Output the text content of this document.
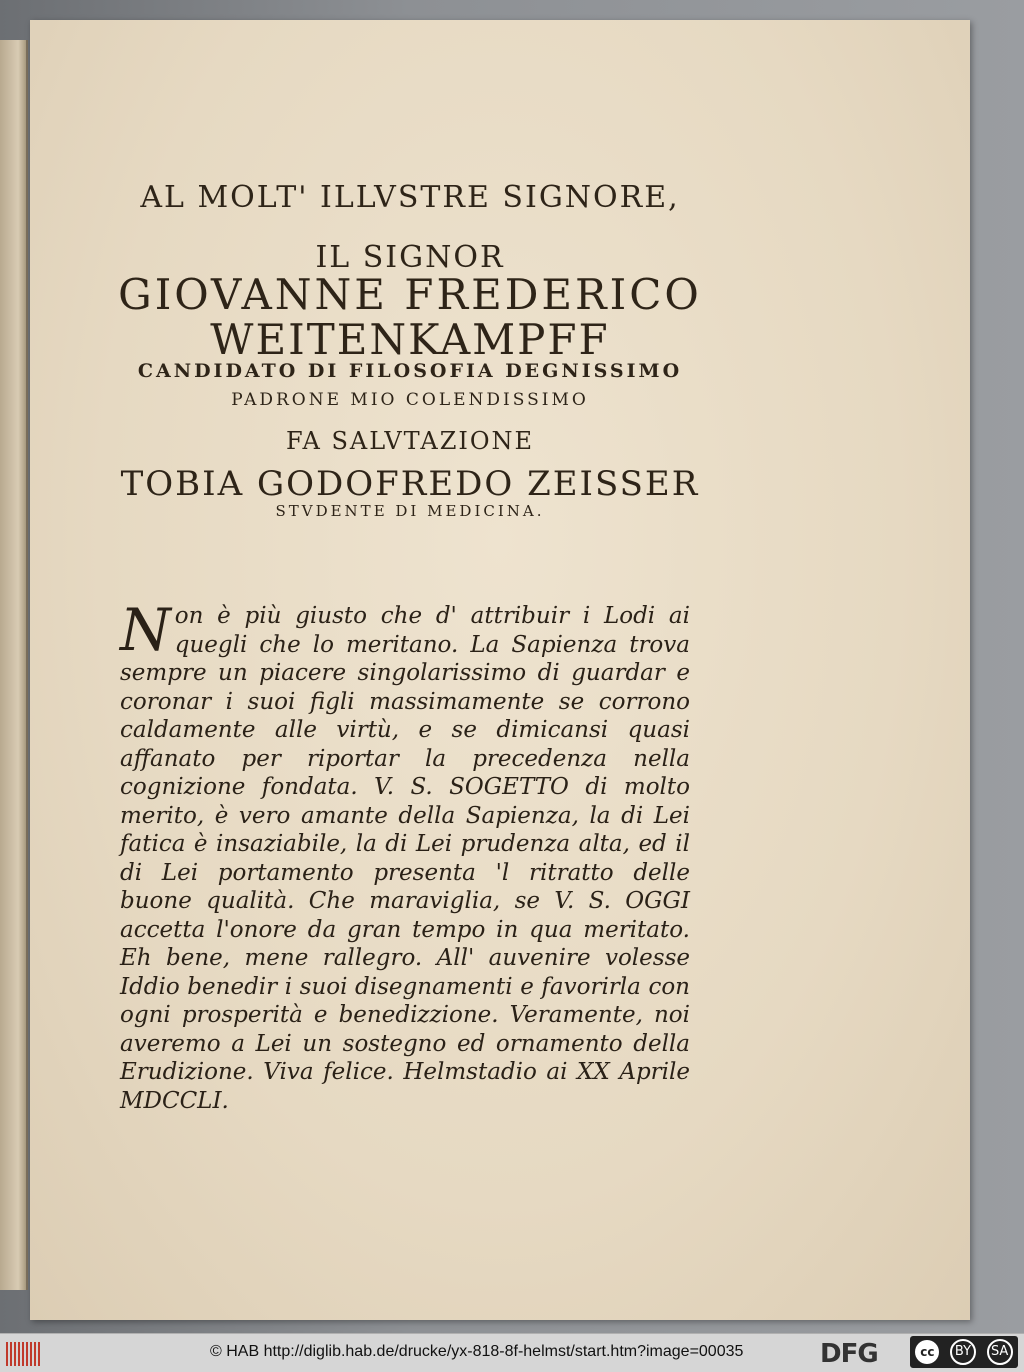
AL MOLT' ILLVSTRE SIGNORE,
IL SIGNOR
GIOVANNE FREDERICO
WEITENKAMPFF
CANDIDATO DI FILOSOFIA DEGNISSIMO
PADRONE MIO COLENDISSIMO
FA SALVTAZIONE
TOBIA GODOFREDO ZEISSER
STVDENTE DI MEDICINA.
Non è più giusto che d' attribuir i Lodi ai quegli che lo meritano. La Sapienza trova sempre un piacere singolarissimo di guardar e coronar i suoi figli massimamente se corrono caldamente alle virtù, e se dimicansi quasi affanato per riportar la precedenza nella cognizione fondata. V. S. SOGETTO di molto merito, è vero amante della Sapienza, la di Lei fatica è insaziabile, la di Lei prudenza alta, ed il di Lei portamento presenta 'l ritratto delle buone qualità. Che maraviglia, se V. S. OGGI accetta l'onore da gran tempo in qua meritato. Eh bene, mene rallegro. All' auvenire volesse Iddio benedir i suoi disegnamenti e favorirla con ogni prosperità e benedizzione. Veramente, noi averemo a Lei un sostegno ed ornamento della Erudizione. Viva felice. Helmstadio ai XX Aprile MDCCLI.
© HAB http://diglib.hab.de/drucke/yx-818-8f-helmst/start.htm?image=00035	DFG	cc	BY	SA
